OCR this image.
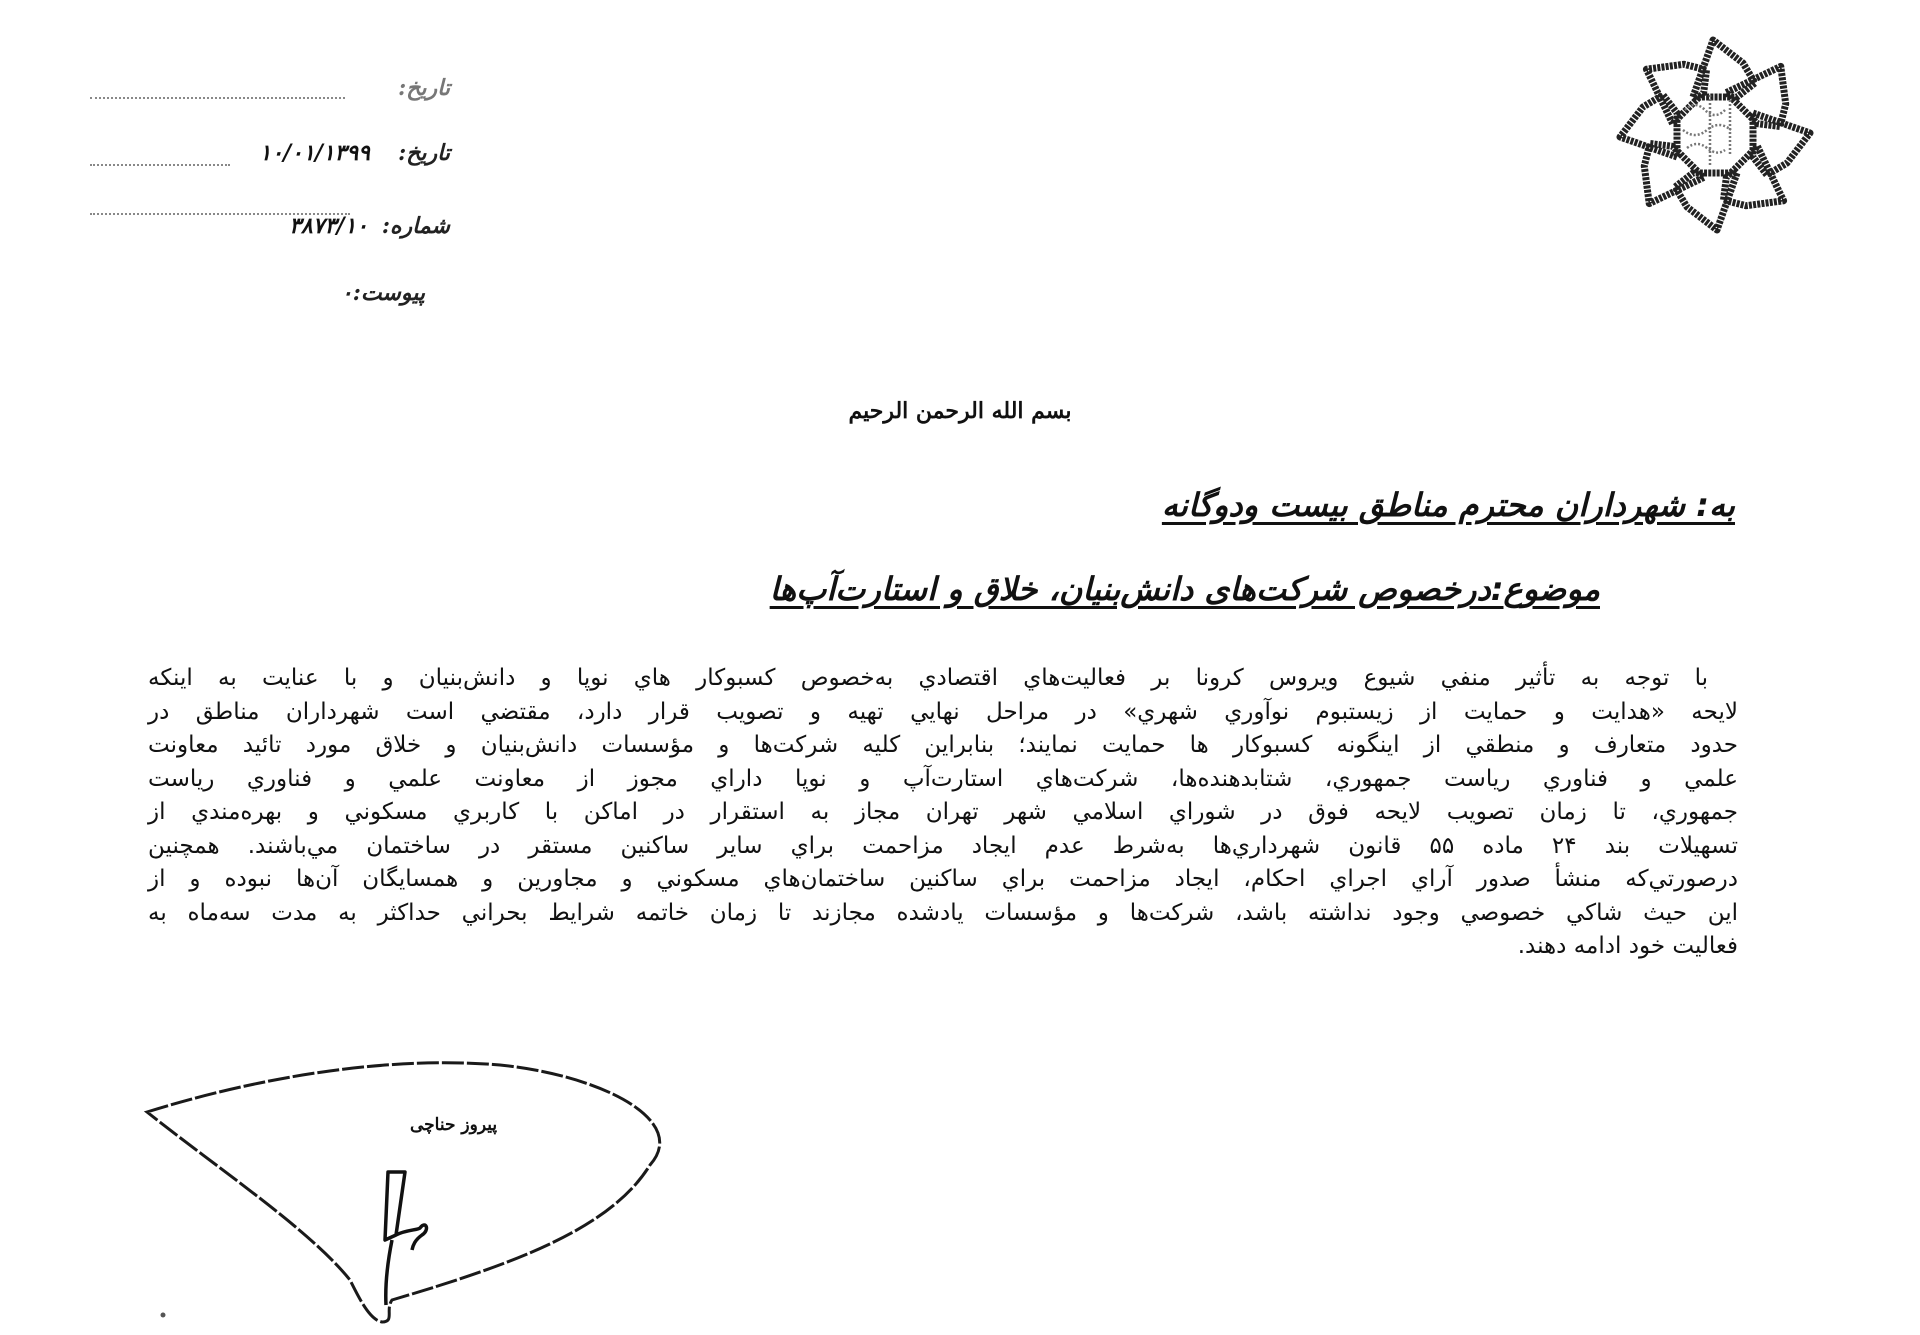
تاریخ:
۱۰/۰۱/۱۳۹۹ تاریخ:
۳۸۷۳/۱۰ شماره:
پیوست:۰
بسم الله الرحمن الرحیم
به: شهرداران محترم مناطق بیست ودوگانه
موضوع:درخصوص شرکت‌های دانش‌بنیان، خلاق و استارت‌آپ‌ها
با توجه به تأثیر منفي شیوع ویروس کرونا بر فعالیت‌هاي اقتصادي به‌خصوص کسبوکار هاي نوپا و دانش‌بنیان و با عنایت به اینکه
لایحه «هدایت و حمایت از زیستبوم نوآوري شهري» در مراحل نهایي تهیه و تصویب قرار دارد، مقتضي است شهرداران مناطق در
حدود متعارف و منطقي از اینگونه کسبوکار ها حمایت نمایند؛ بنابراین کلیه شرکت‌ها و مؤسسات دانش‌بنیان و خلاق مورد تائید معاونت
علمي و فناوري ریاست جمهوري، شتابدهنده‌ها، شرکت‌هاي استارت‌آپ و نوپا داراي مجوز از معاونت علمي و فناوري ریاست
جمهوري، تا زمان تصویب لایحه فوق در شوراي اسلامي شهر تهران مجاز به استقرار در اماکن با کاربري مسکوني و بهره‌مندي از
تسهیلات بند ۲۴ ماده ۵۵ قانون شهرداري‌ها به‌شرط عدم ایجاد مزاحمت براي سایر ساکنین مستقر در ساختمان مي‌باشند. همچنین
درصورتي‌که منشأ صدور آراي اجراي احکام، ایجاد مزاحمت براي ساکنین ساختمان‌هاي مسکوني و مجاورین و همسایگان آن‌ها نبوده و از
این حیث شاکي خصوصي وجود نداشته باشد، شرکت‌ها و مؤسسات یادشده مجازند تا زمان خاتمه شرایط بحراني حداکثر به مدت سه‌ماه به
فعالیت خود ادامه دهند.
پیروز حناچی
